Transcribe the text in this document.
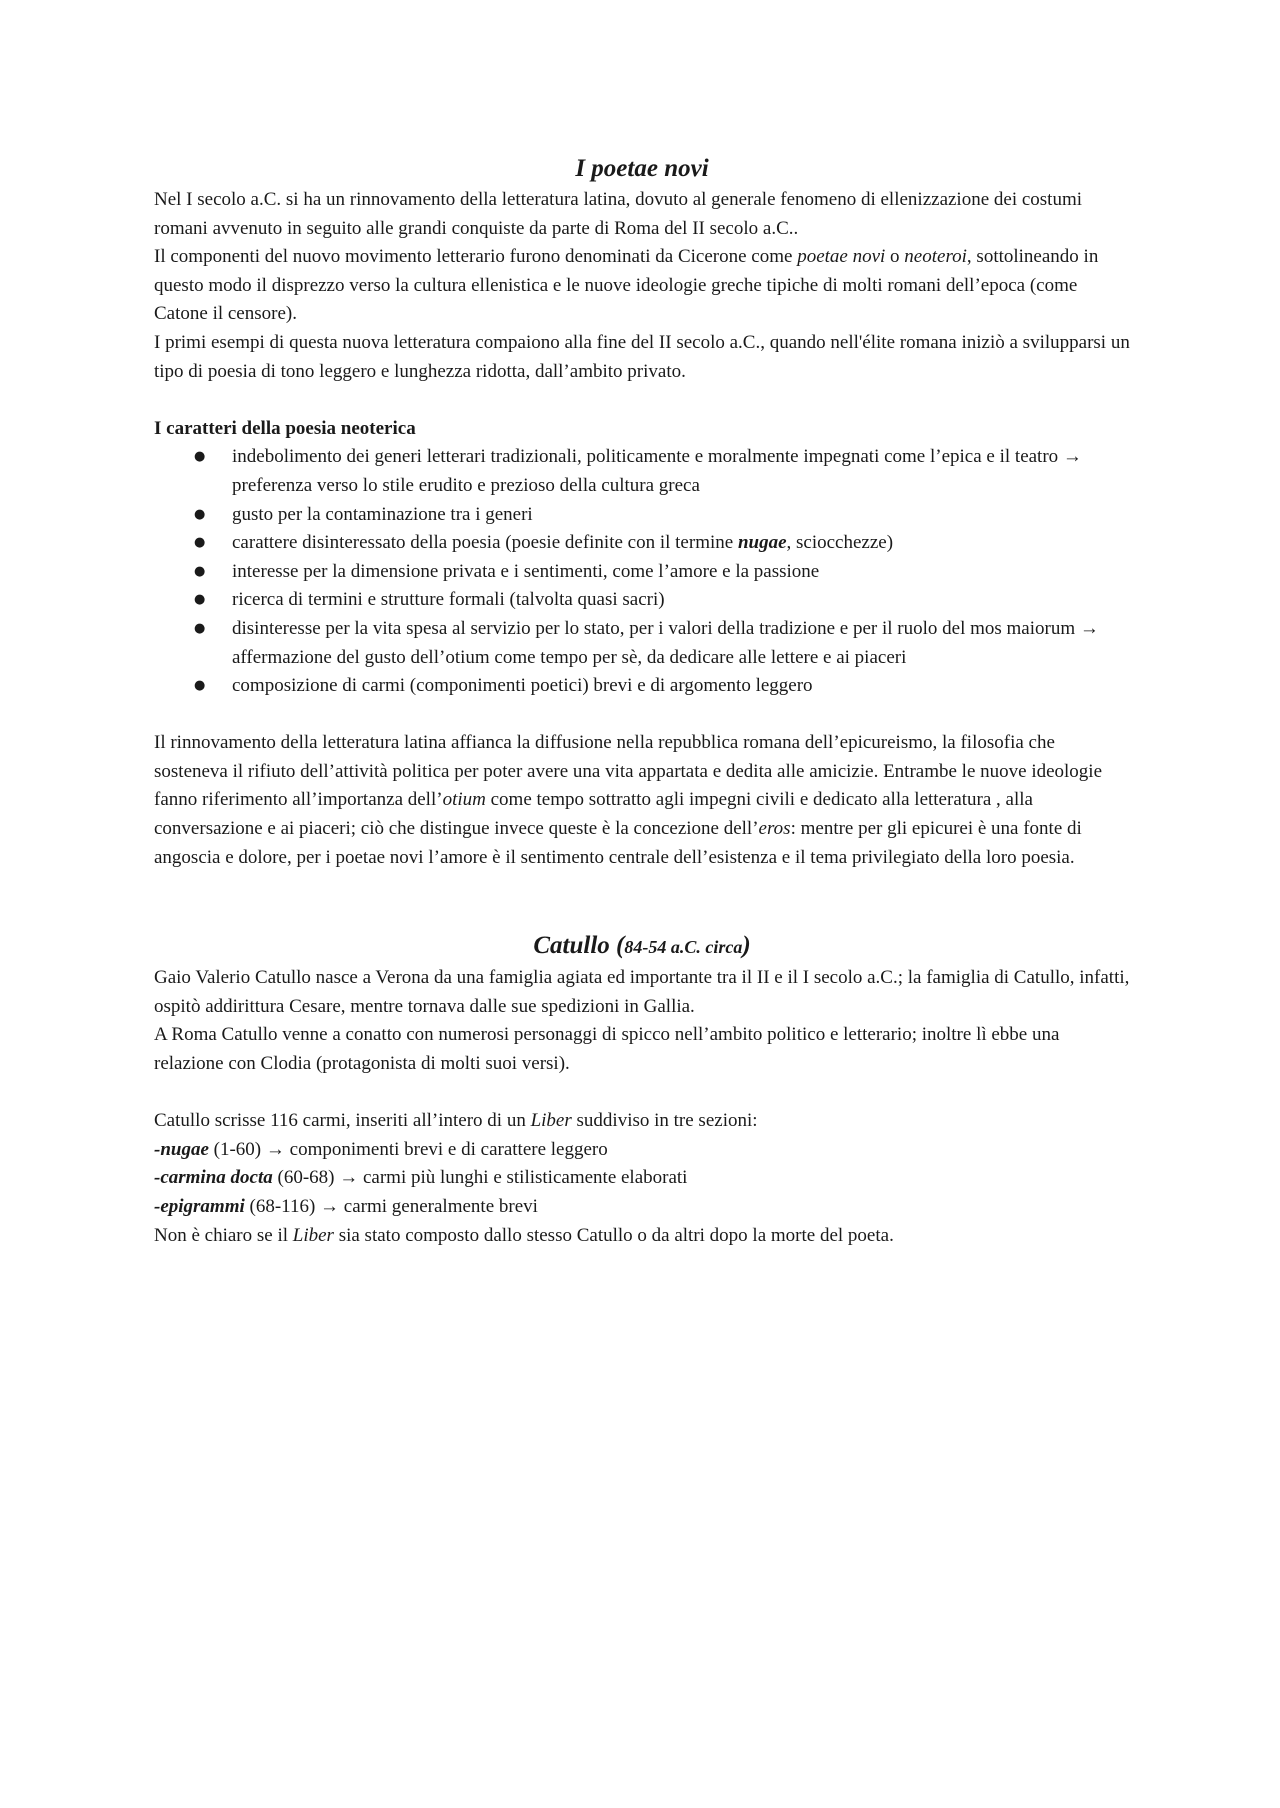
I poetae novi

Nel I secolo a.C. si ha un rinnovamento della letteratura latina, dovuto al generale fenomeno di ellenizzazione dei costumi romani avvenuto in seguito alle grandi conquiste da parte di Roma del II secolo a.C..

Il componenti del nuovo movimento letterario furono denominati da Cicerone come poetae novi o neoteroi, sottolineando in questo modo il disprezzo verso la cultura ellenistica e le nuove ideologie greche tipiche di molti romani dell’epoca (come Catone il censore).

I primi esempi di questa nuova letteratura compaiono alla fine del II secolo a.C., quando nell'élite romana iniziò a svilupparsi un tipo di poesia di tono leggero e lunghezza ridotta, dall’ambito privato.

I caratteri della poesia neoterica

● indebolimento dei generi letterari tradizionali, politicamente e moralmente impegnati come l’epica e il teatro → preferenza verso lo stile erudito e prezioso della cultura greca
● gusto per la contaminazione tra i generi
● carattere disinteressato della poesia (poesie definite con il termine nugae, sciocchezze)
● interesse per la dimensione privata e i sentimenti, come l’amore e la passione
● ricerca di termini e strutture formali (talvolta quasi sacri)
● disinteresse per la vita spesa al servizio per lo stato, per i valori della tradizione e per il ruolo del mos maiorum → affermazione del gusto dell’otium come tempo per sè, da dedicare alle lettere e ai piaceri
● composizione di carmi (componimenti poetici) brevi e di argomento leggero

Il rinnovamento della letteratura latina affianca la diffusione nella repubblica romana dell’epicureismo, la filosofia che sosteneva il rifiuto dell’attività politica per poter avere una vita appartata e dedita alle amicizie. Entrambe le nuove ideologie fanno riferimento all’importanza dell’otium come tempo sottratto agli impegni civili e dedicato alla letteratura , alla conversazione e ai piaceri; ciò che distingue invece queste è la concezione dell’eros: mentre per gli epicurei è una fonte di angoscia e dolore, per i poetae novi l’amore è il sentimento centrale dell’esistenza e il tema privilegiato della loro poesia.

Catullo (84-54 a.C. circa)

Gaio Valerio Catullo nasce a Verona da una famiglia agiata ed importante tra il II e il I secolo a.C.; la famiglia di Catullo, infatti, ospitò addirittura Cesare, mentre tornava dalle sue spedizioni in Gallia.

A Roma Catullo venne a conatto con numerosi personaggi di spicco nell’ambito politico e letterario; inoltre lì ebbe una relazione con Clodia (protagonista di molti suoi versi).

Catullo scrisse 116 carmi, inseriti all’intero di un Liber suddiviso in tre sezioni:

-nugae (1-60) → componimenti brevi e di carattere leggero

-carmina docta (60-68) → carmi più lunghi e stilisticamente elaborati

-epigrammi (68-116) → carmi generalmente brevi

Non è chiaro se il Liber sia stato composto dallo stesso Catullo o da altri dopo la morte del poeta.
